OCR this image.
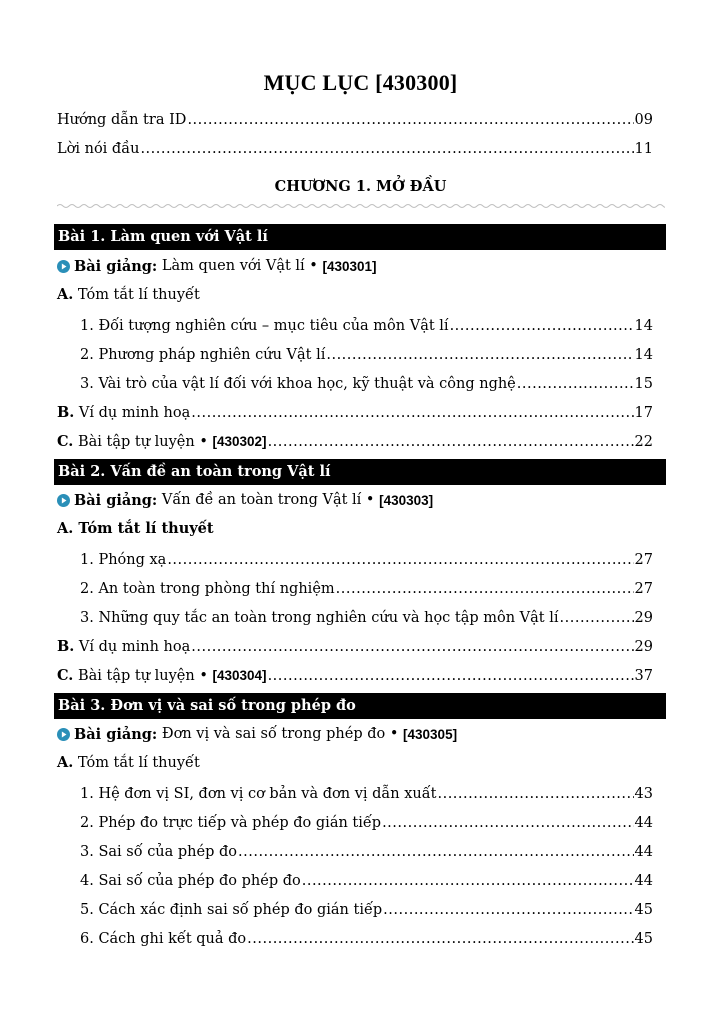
MỤC LỤC [430300]
Hướng dẫn tra ID .....	09
Lời nói đầu .....	11
CHƯƠNG 1. MỞ ĐẦU
Bài 1. Làm quen với Vật lí
Bài giảng:
Làm quen với Vật lí
•
[430301]
A. Tóm tắt lí thuyết
1. Đối tượng nghiên cứu – mục tiêu của môn Vật lí .....	14
2. Phương pháp nghiên cứu Vật lí .....	14
3. Vài trò của vật lí đối với khoa học, kỹ thuật và công nghệ .....	15
B. Ví dụ minh hoạ .....	17
C. Bài tập tự luyện • [430302] .....	22
Bài 2. Vấn đề an toàn trong Vật lí
Bài giảng:
Vấn đề an toàn trong Vật lí
•
[430303]
A. Tóm tắt lí thuyết
1. Phóng xạ .....	27
2. An toàn trong phòng thí nghiệm .....	27
3. Những quy tắc an toàn trong nghiên cứu và học tập môn Vật lí .....	29
B. Ví dụ minh hoạ .....	29
C. Bài tập tự luyện • [430304] .....	37
Bài 3. Đơn vị và sai số trong phép đo
Bài giảng:
Đơn vị và sai số trong phép đo
•
[430305]
A. Tóm tắt lí thuyết
1. Hệ đơn vị SI, đơn vị cơ bản và đơn vị dẫn xuất .....	43
2. Phép đo trực tiếp và phép đo gián tiếp .....	44
3. Sai số của phép đo .....	44
4. Sai số của phép đo phép đo .....	44
5. Cách xác định sai số phép đo gián tiếp .....	45
6. Cách ghi kết quả đo .....	45
